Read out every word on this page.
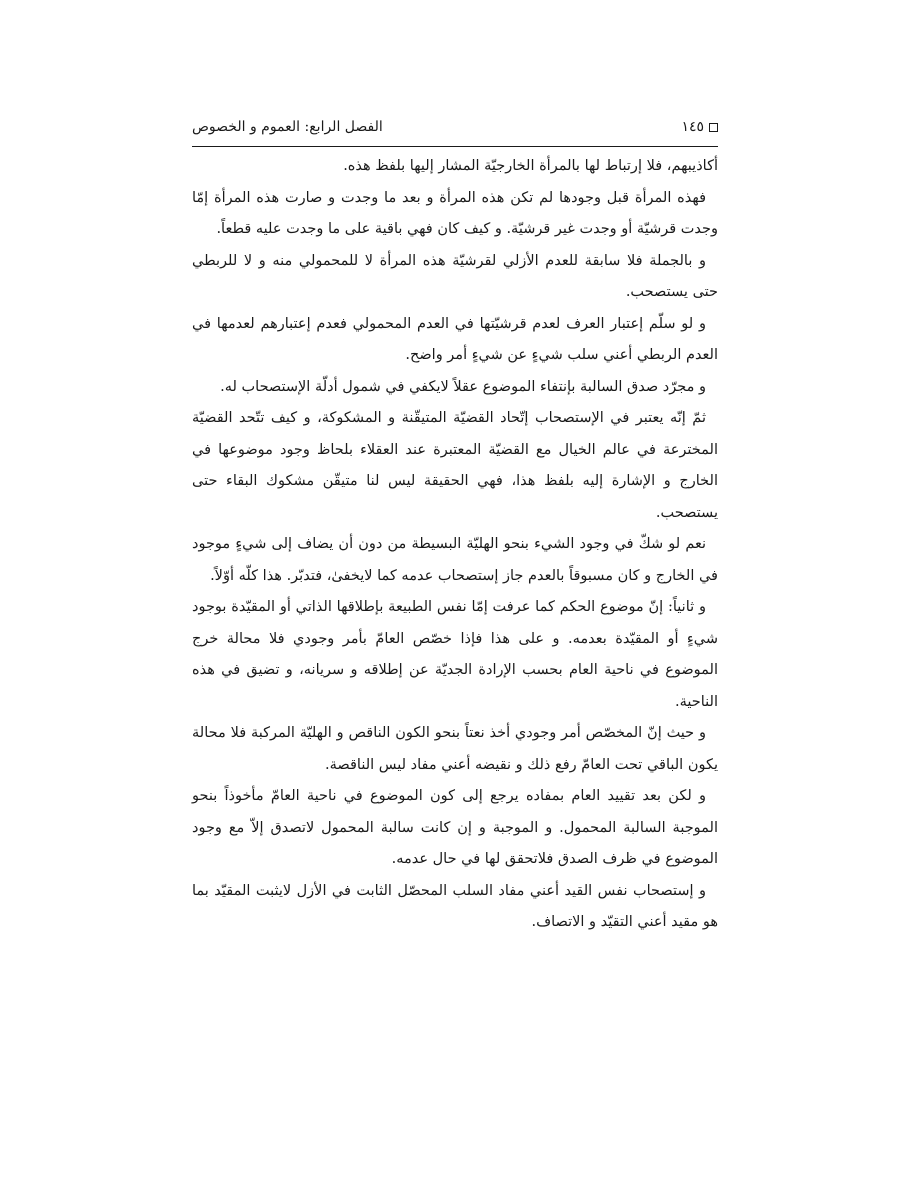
الفصل الرابع: العموم و الخصوص	١٤٥

أكاذيبهم، فلا إرتباط لها بالمرأة الخارجيّة المشار إليها بلفظ هذه.

فهذه المرأة قبل وجودها لم تكن هذه المرأة و بعد ما وجدت و صارت هذه المرأة إمّا وجدت قرشيّة أو وجدت غير قرشيّة. و كيف كان فهي باقية على ما وجدت عليه قطعاً.

و بالجملة فلا سابقة للعدم الأزلي لقرشيّة هذه المرأة لا للمحمولي منه و لا للربطي حتى يستصحب.

و لو سلّم إعتبار العرف لعدم قرشيّتها في العدم المحمولي فعدم إعتبارهم لعدمها في العدم الربطي أعني سلب شيءٍ عن شيءٍ أمر واضح.

و مجرّد صدق السالبة بإنتفاء الموضوع عقلاً لايكفي في شمول أدلّة الإستصحاب له.

ثمّ إنّه يعتبر في الإستصحاب إتّحاد القضيّة المتيقّنة و المشكوكة، و كيف تتّحد القضيّة المخترعة في عالم الخيال مع القضيّة المعتبرة عند العقلاء بلحاظ وجود موضوعها في الخارج و الإشارة إليه بلفظ هذا، فهي الحقيقة ليس لنا متيقّن مشكوك البقاء حتى يستصحب.

نعم لو شكّ في وجود الشيء بنحو الهليّة البسيطة من دون أن يضاف إلى شيءٍ موجود في الخارج و كان مسبوقاً بالعدم جاز إستصحاب عدمه كما لايخفىٰ، فتدبّر. هذا كلّه أوّلاً.

و ثانياً: إنّ موضوع الحكم كما عرفت إمّا نفس الطبيعة بإطلاقها الذاتي أو المقيّدة بوجود شيءٍ أو المقيّدة بعدمه. و على هذا فإذا خصّص العامّ بأمر وجودي فلا محالة خرج الموضوع في ناحية العام بحسب الإرادة الجديّة عن إطلاقه و سريانه، و تضيق في هذه الناحية.

و حيث إنّ المخصّص أمر وجودي أخذ نعتاً بنحو الكون الناقص و الهليّة المركبة فلا محالة يكون الباقي تحت العامّ رفع ذلك و نقيضه أعني مفاد ليس الناقصة.

و لكن بعد تقييد العام بمفاده يرجع إلى كون الموضوع في ناحية العامّ مأخوذاً بنحو الموجبة السالبة المحمول. و الموجبة و إن كانت سالبة المحمول لاتصدق إلاّ مع وجود الموضوع في ظرف الصدق فلاتحقق لها في حال عدمه.

و إستصحاب نفس القيد أعني مفاد السلب المحصّل الثابت في الأزل لايثبت المقيّد بما هو مقيد أعني التقيّد و الاتصاف.
